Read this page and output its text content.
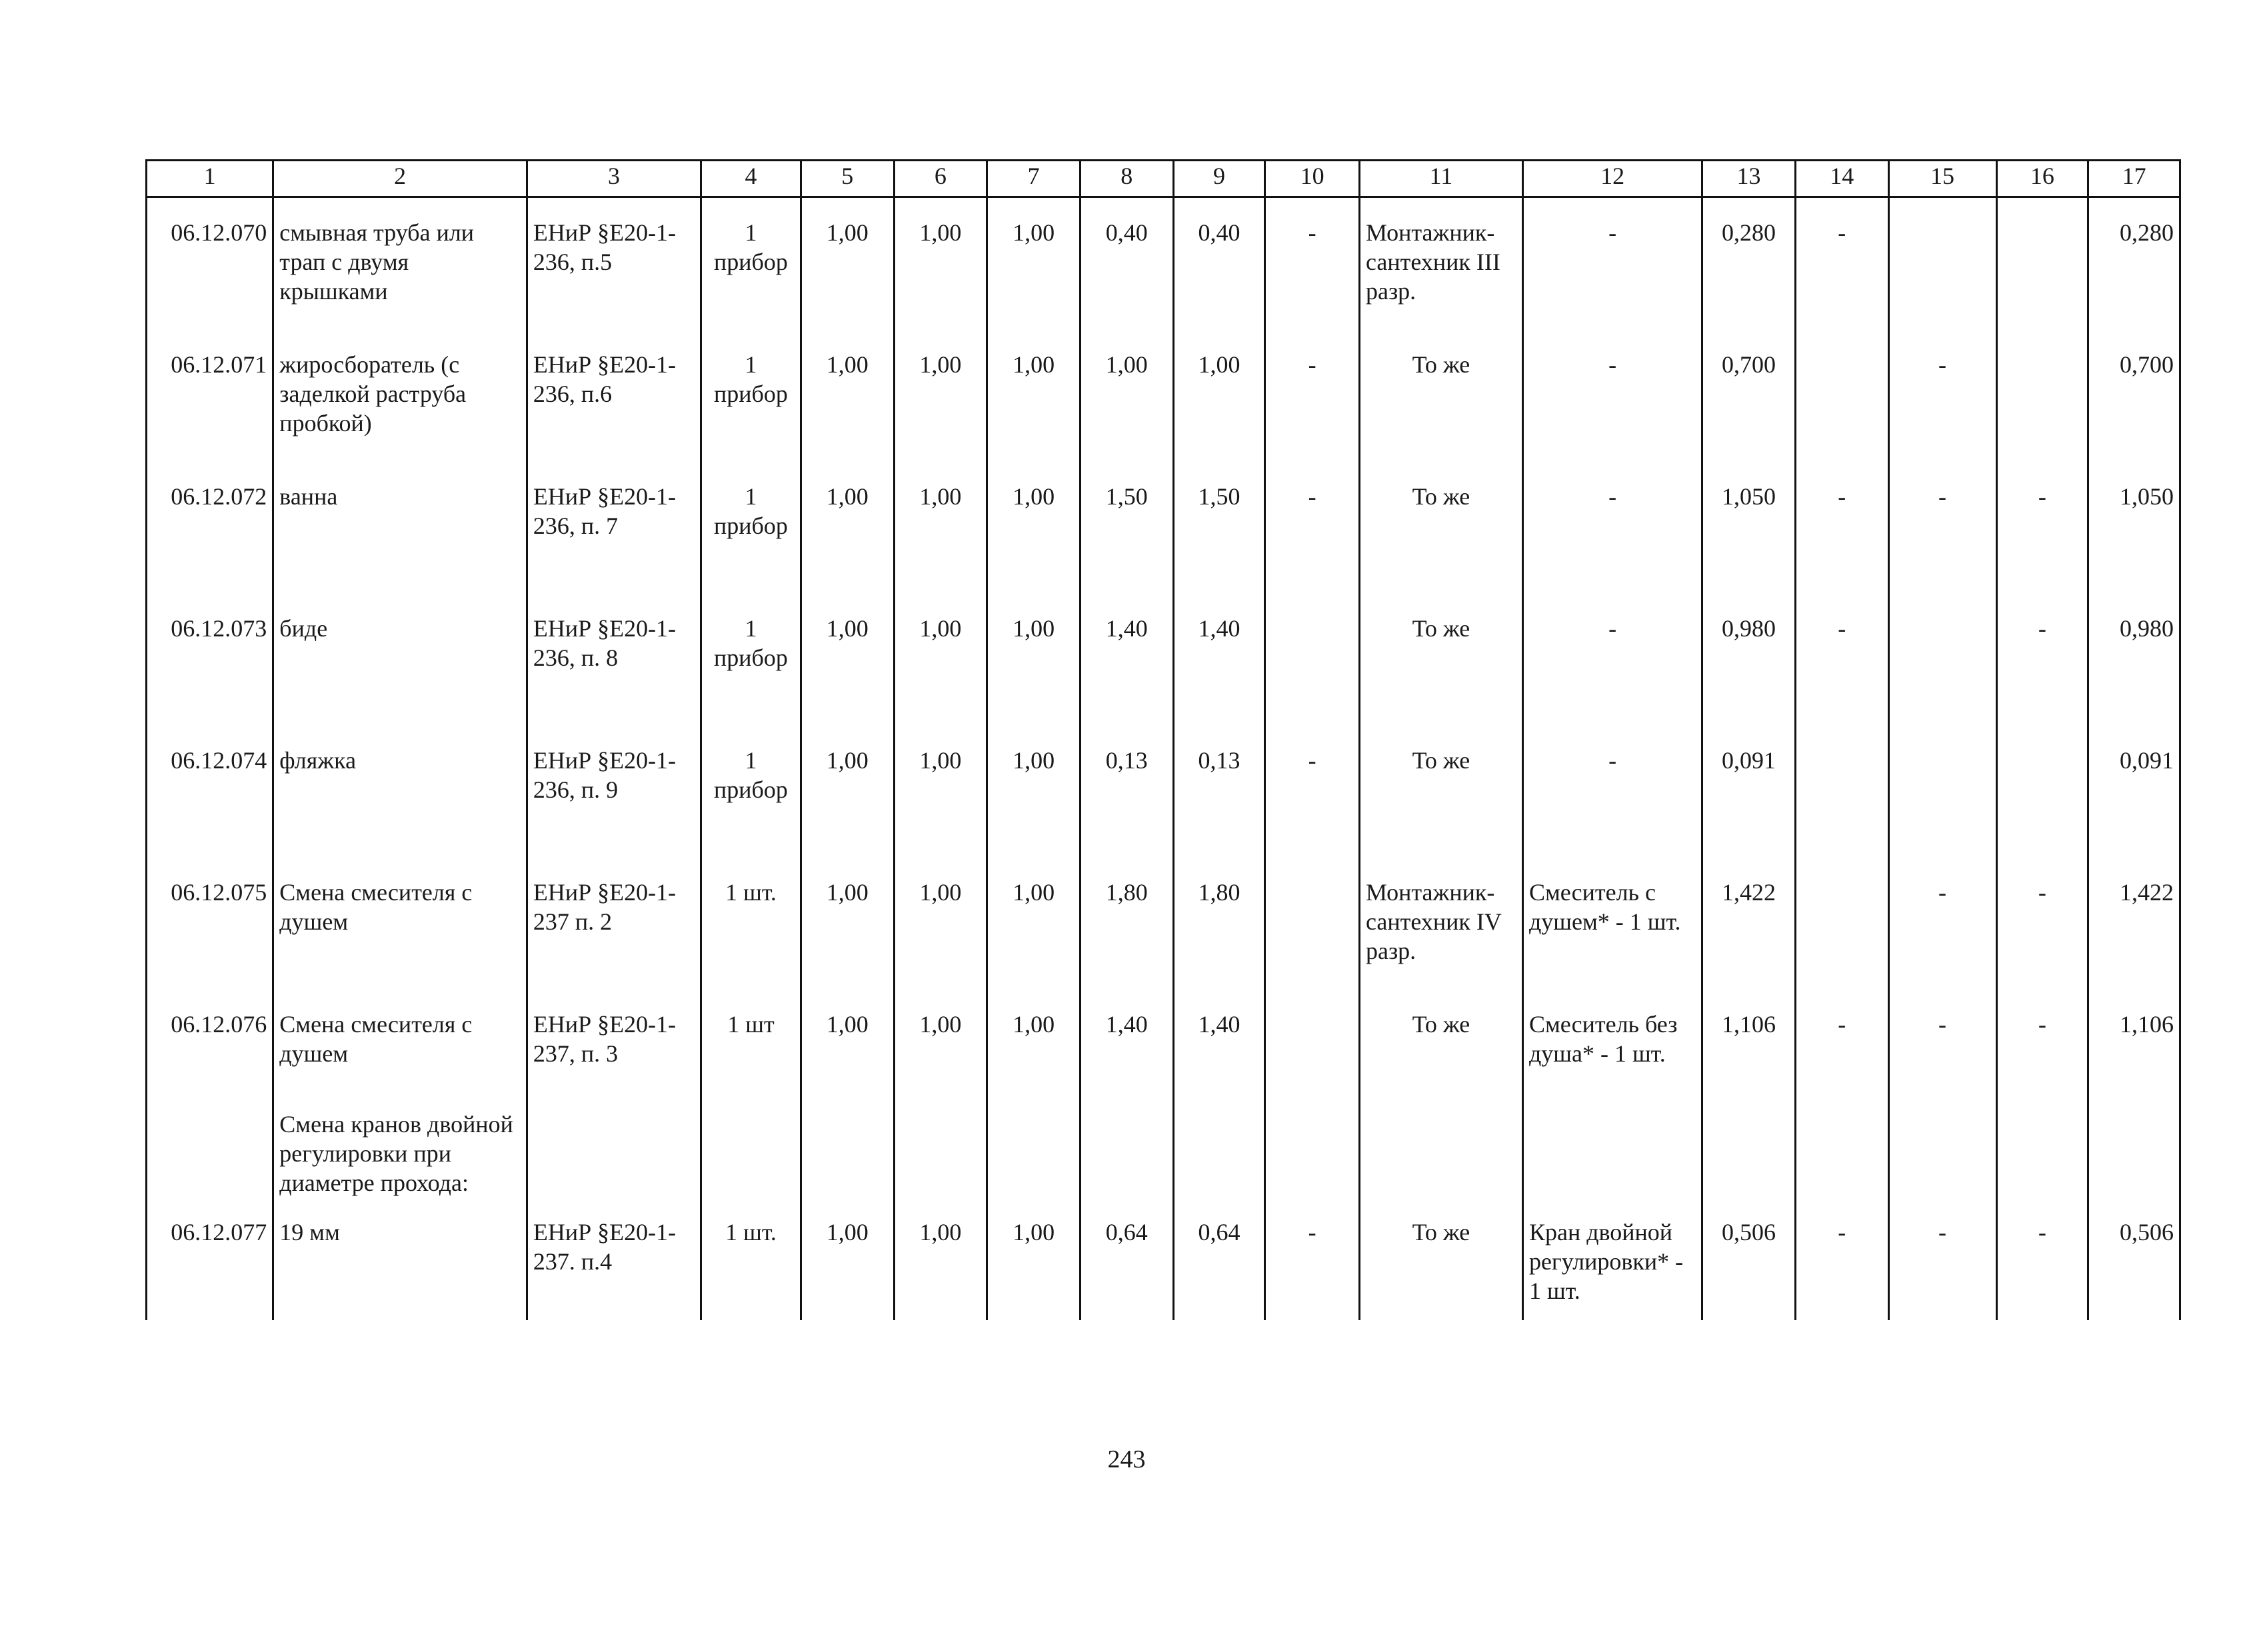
1	2	3	4	5	6	7	8	9	10	11	12	13	14	15	16	17
06.12.070	смывная труба или трап с двумя крышками	ЕНиР §Е20-1-236, п.5	1 прибор	1,00	1,00	1,00	0,40	0,40	-	Монтажник-сантехник III разр.	-	0,280	-			0,280
06.12.071	жиросборатель (с заделкой раструба пробкой)	ЕНиР §Е20-1-236, п.6	1 прибор	1,00	1,00	1,00	1,00	1,00	-	То же	-	0,700		-		0,700
06.12.072	ванна	ЕНиР §Е20-1-236, п. 7	1 прибор	1,00	1,00	1,00	1,50	1,50	-	То же	-	1,050	-	-	-	1,050
06.12.073	биде	ЕНиР §Е20-1-236, п. 8	1 прибор	1,00	1,00	1,00	1,40	1,40		То же	-	0,980	-		-	0,980
06.12.074	фляжка	ЕНиР §Е20-1-236, п. 9	1 прибор	1,00	1,00	1,00	0,13	0,13	-	То же	-	0,091				0,091
06.12.075	Смена смесителя с душем	ЕНиР §Е20-1-237 п. 2	1 шт.	1,00	1,00	1,00	1,80	1,80		Монтажник-сантехник IV разр.	Смеситель с душем* - 1 шт.	1,422		-	-	1,422
06.12.076	Смена смесителя с душем	ЕНиР §Е20-1-237, п. 3	1 шт	1,00	1,00	1,00	1,40	1,40		То же	Смеситель без душа* - 1 шт.	1,106	-	-	-	1,106
	Смена кранов двойной регулировки при диаметре прохода:															
06.12.077	19 мм	ЕНиР §Е20-1-237. п.4	1 шт.	1,00	1,00	1,00	0,64	0,64	-	То же	Кран двойной регулировки* - 1 шт.	0,506	-	-	-	0,506
243
